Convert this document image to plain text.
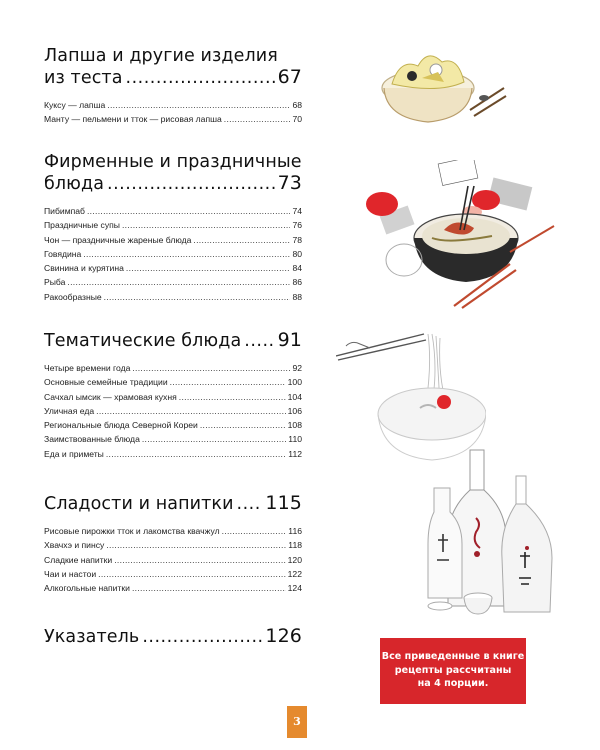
Лапша и другие изделия
из теста .....	67
Куксу — лапша .....	68
Манту — пельмени и тток — рисовая лапша .....	70
Фирменные и праздничные
блюда .....	73
Пибимпаб .....	74
Праздничные супы .....	76
Чон — праздничные жареные блюда .....	78
Говядина .....	80
Свинина и курятина .....	84
Рыба .....	86
Ракообразные .....	88
Тематические блюда ..... 91
Четыре времени года .....	92
Основные семейные традиции .....	100
Сачхал ымсик — храмовая кухня .....	104
Уличная еда .....	106
Региональные блюда Северной Кореи .....	108
Заимствованные блюда .....	110
Еда и приметы .....	112
Сладости и напитки ..... 115
Рисовые пирожки тток и лакомства квачжул .....	116
Хвачхэ и пинсу .....	118
Сладкие напитки .....	120
Чаи и настои .....	122
Алкогольные напитки .....	124
Указатель .....	126
Все приведенные в книге
рецепты рассчитаны
на 4 порции.
3
